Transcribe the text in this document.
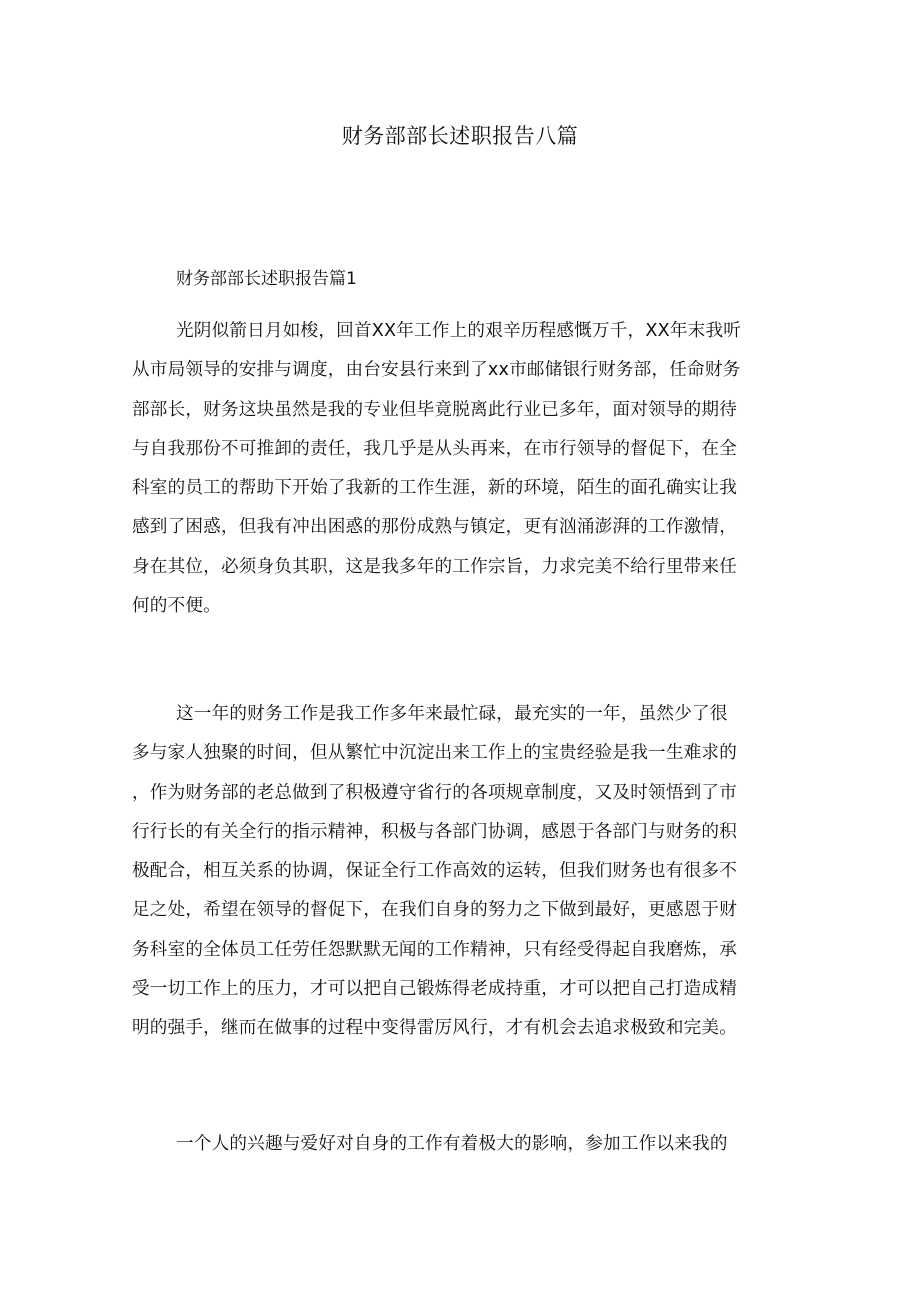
财务部部长述职报告八篇

财务部部长述职报告篇1

光阴似箭日月如梭，回首XX年工作上的艰辛历程感慨万千，XX年末我听
从市局领导的安排与调度，由台安县行来到了xx市邮储银行财务部，任命财务
部部长，财务这块虽然是我的专业但毕竟脱离此行业已多年，面对领导的期待
与自我那份不可推卸的责任，我几乎是从头再来，在市行领导的督促下，在全
科室的员工的帮助下开始了我新的工作生涯，新的环境，陌生的面孔确实让我
感到了困惑，但我有冲出困惑的那份成熟与镇定，更有汹涌澎湃的工作激情，
身在其位，必须身负其职，这是我多年的工作宗旨，力求完美不给行里带来任
何的不便。

这一年的财务工作是我工作多年来最忙碌，最充实的一年，虽然少了很
多与家人独聚的时间，但从繁忙中沉淀出来工作上的宝贵经验是我一生难求的
，作为财务部的老总做到了积极遵守省行的各项规章制度，又及时领悟到了市
行行长的有关全行的指示精神，积极与各部门协调，感恩于各部门与财务的积
极配合，相互关系的协调，保证全行工作高效的运转，但我们财务也有很多不
足之处，希望在领导的督促下，在我们自身的努力之下做到最好，更感恩于财
务科室的全体员工任劳任怨默默无闻的工作精神，只有经受得起自我磨炼，承
受一切工作上的压力，才可以把自己锻炼得老成持重，才可以把自己打造成精
明的强手，继而在做事的过程中变得雷厉风行，才有机会去追求极致和完美。

一个人的兴趣与爱好对自身的工作有着极大的影响，参加工作以来我的
